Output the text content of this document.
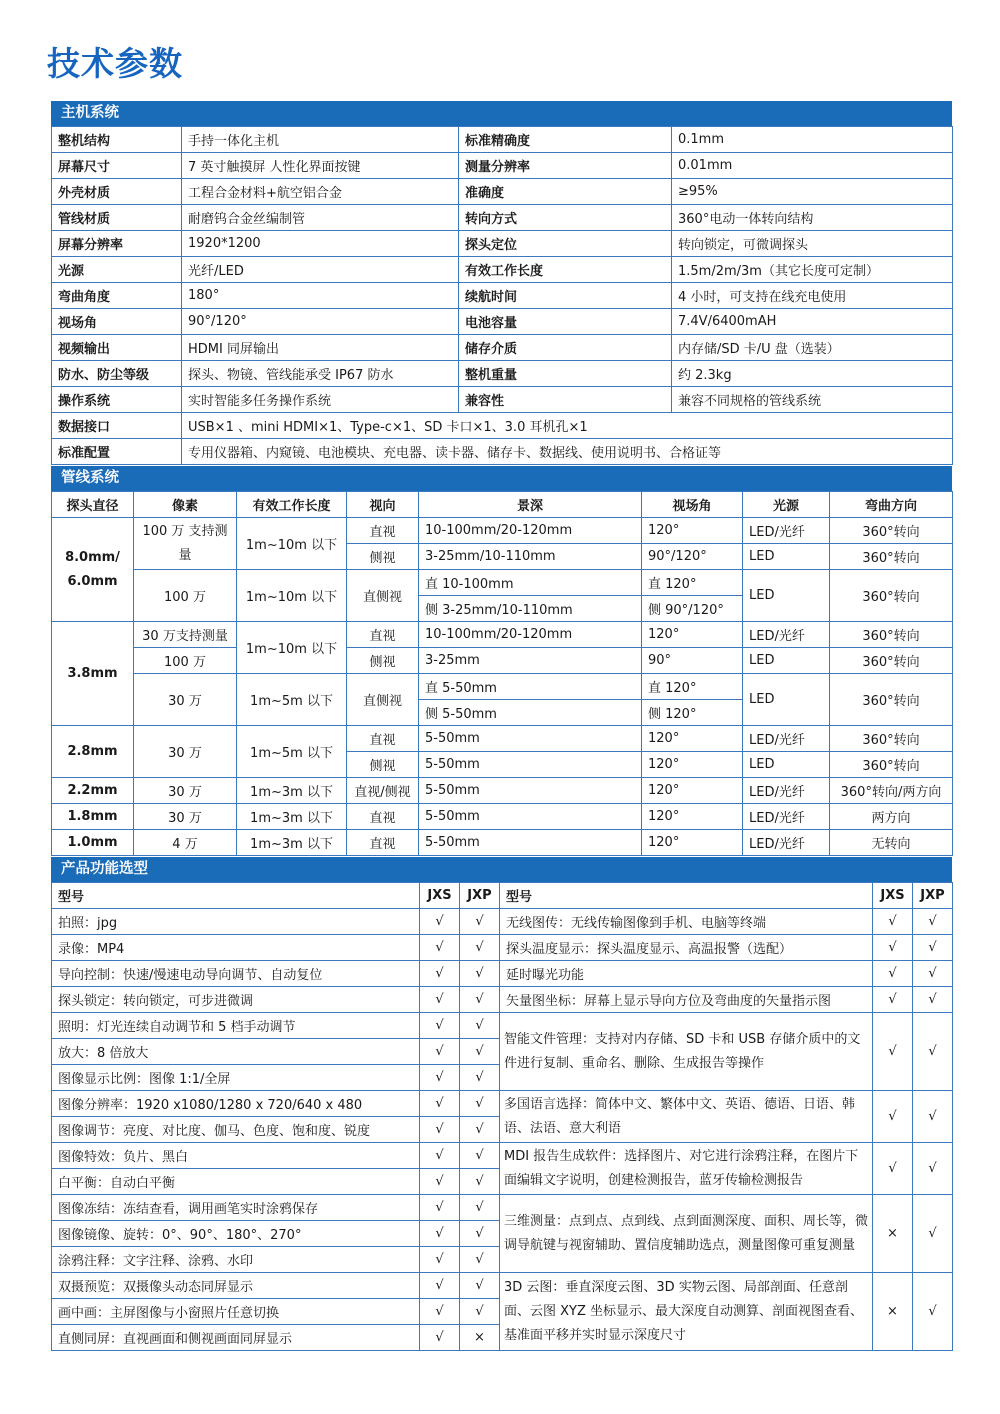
技术参数
主机系统
整机结构	手持一体化主机	标准精确度	0.1mm
屏幕尺寸	7 英寸触摸屏 人性化界面按键	测量分辨率	0.01mm
外壳材质	工程合金材料+航空铝合金	准确度	≥95%
管线材质	耐磨钨合金丝编制管	转向方式	360°电动一体转向结构
屏幕分辨率	1920*1200	探头定位	转向锁定，可微调探头
光源	光纤/LED	有效工作长度	1.5m/2m/3m（其它长度可定制）
弯曲角度	180°	续航时间	4 小时，可支持在线充电使用
视场角	90°/120°	电池容量	7.4V/6400mAH
视频输出	HDMI 同屏输出	储存介质	内存储/SD 卡/U 盘（选装）
防水、防尘等级	探头、物镜、管线能承受 IP67 防水	整机重量	约 2.3kg
操作系统	实时智能多任务操作系统	兼容性	兼容不同规格的管线系统
数据接口	USB×1 、mini HDMI×1、Type-c×1、SD 卡口×1、3.0 耳机孔×1		
标准配置	专用仪器箱、内窥镜、电池模块、充电器、读卡器、储存卡、数据线、使用说明书、合格证等		
管线系统
探头直径	像素	有效工作长度	视向	景深	视场角	光源	弯曲方向
8.0mm/ 6.0mm	100 万 支持测量	1m~10m 以下	直视	10-100mm/20-120mm	120°	LED/光纤	360°转向
			侧视	3-25mm/10-110mm	90°/120°	LED	360°转向
	100 万	1m~10m 以下	直侧视	直 10-100mm	直 120°	LED	360°转向
				侧 3-25mm/10-110mm	侧 90°/120°		
3.8mm	30 万支持测量	1m~10m 以下	直视	10-100mm/20-120mm	120°	LED/光纤	360°转向
	100 万		侧视	3-25mm	90°	LED	360°转向
	30 万	1m~5m 以下	直侧视	直 5-50mm	直 120°	LED	360°转向
				侧 5-50mm	侧 120°		
2.8mm	30 万	1m~5m 以下	直视	5-50mm	120°	LED/光纤	360°转向
			侧视	5-50mm	120°	LED	360°转向
2.2mm	30 万	1m~3m 以下	直视/侧视	5-50mm	120°	LED/光纤	360°转向/两方向
1.8mm	30 万	1m~3m 以下	直视	5-50mm	120°	LED/光纤	两方向
1.0mm	4 万	1m~3m 以下	直视	5-50mm	120°	LED/光纤	无转向
产品功能选型
型号	JXS	JXP	型号	JXS	JXP
拍照：jpg	√	√	无线图传：无线传输图像到手机、电脑等终端	√	√
录像：MP4	√	√	探头温度显示：探头温度显示、高温报警（选配）	√	√
导向控制：快速/慢速电动导向调节、自动复位	√	√	延时曝光功能	√	√
探头锁定：转向锁定，可步进微调	√	√	矢量图坐标：屏幕上显示导向方位及弯曲度的矢量指示图	√	√
照明：灯光连续自动调节和 5 档手动调节	√	√	智能文件管理：支持对内存储、SD 卡和 USB 存储介质中的文件进行复制、重命名、删除、生成报告等操作	√	√
放大：8 倍放大	√	√			
图像显示比例：图像 1:1/全屏	√	√			
图像分辨率：1920 x1080/1280 x 720/640 x 480	√	√	多国语言选择：简体中文、繁体中文、英语、德语、日语、韩语、法语、意大利语	√	√
图像调节：亮度、对比度、伽马、色度、饱和度、锐度	√	√			
图像特效：负片、黑白	√	√	MDI 报告生成软件：选择图片、对它进行涂鸦注释，在图片下面编辑文字说明，创建检测报告，蓝牙传输检测报告	√	√
白平衡：自动白平衡	√	√			
图像冻结：冻结查看，调用画笔实时涂鸦保存	√	√	三维测量：点到点、点到线、点到面测深度、面积、周长等，微调导航键与视窗辅助、置信度辅助选点，测量图像可重复测量	×	√
图像镜像、旋转：0°、90°、180°、270°	√	√			
涂鸦注释：文字注释、涂鸦、水印	√	√			
双摄预览：双摄像头动态同屏显示	√	√	3D 云图：垂直深度云图、3D 实物云图、局部剖面、任意剖面、云图 XYZ 坐标显示、最大深度自动测算、剖面视图查看、基准面平移并实时显示深度尺寸	×	√
画中画：主屏图像与小窗照片任意切换	√	√			
直侧同屏：直视画面和侧视画面同屏显示	√	×			
